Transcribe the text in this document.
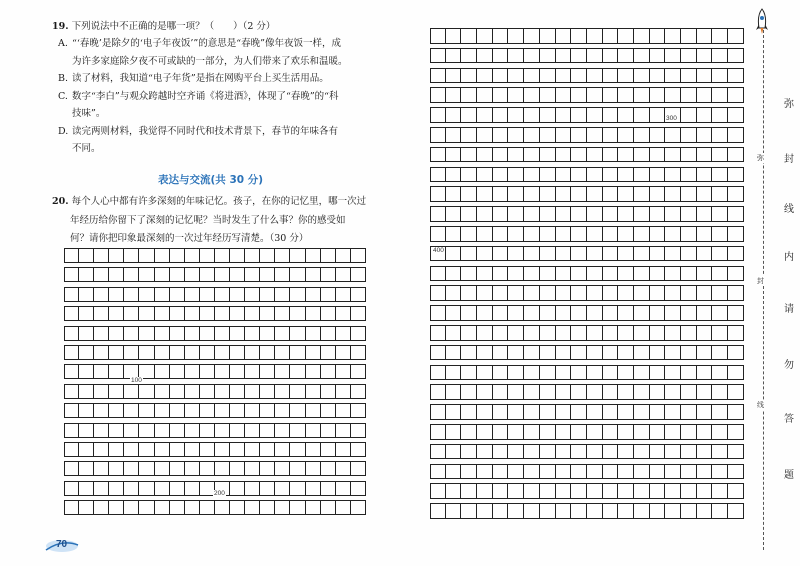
19. 下列说法中不正确的是哪一项？（　　）（2 分）
A. “‘春晚’是除夕的‘电子年夜饭’”的意思是“春晚”像年夜饭一样，成
为许多家庭除夕夜不可或缺的一部分，为人们带来了欢乐和温暖。
B. 读了材料，我知道“电子年货”是指在网购平台上买生活用品。
C. 数字“李白”与观众跨越时空齐诵《将进酒》，体现了“春晚”的“科
技味”。
D. 读完两则材料，我觉得不同时代和技术背景下，春节的年味各有
不同。
表达与交流(共 30 分)
20. 每个人心中都有许多深刻的年味记忆。孩子，在你的记忆里，哪一次过
年经历给你留下了深刻的记忆呢？当时发生了什么事？你的感受如
何？请你把印象最深刻的一次过年经历写清楚。（30 分）
100
200
300
400
弥
封
线
内
请
勿
答
题
弥
封
线
70
